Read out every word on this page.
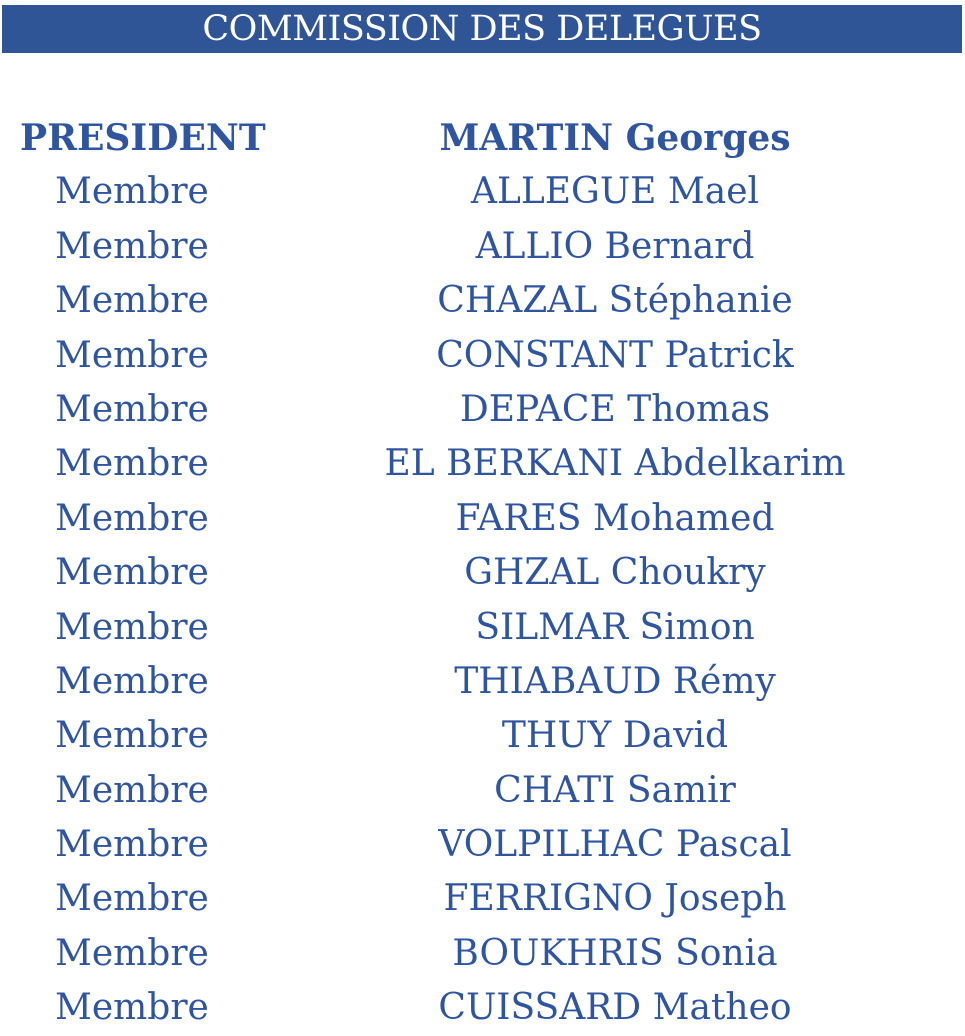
COMMISSION DES DELEGUES
PRESIDENT	MARTIN Georges
Membre	ALLEGUE Mael
Membre	ALLIO Bernard
Membre	CHAZAL Stéphanie
Membre	CONSTANT Patrick
Membre	DEPACE Thomas
Membre	EL BERKANI Abdelkarim
Membre	FARES Mohamed
Membre	GHZAL Choukry
Membre	SILMAR Simon
Membre	THIABAUD Rémy
Membre	THUY David
Membre	CHATI Samir
Membre	VOLPILHAC Pascal
Membre	FERRIGNO Joseph
Membre	BOUKHRIS Sonia
Membre	CUISSARD Matheo
